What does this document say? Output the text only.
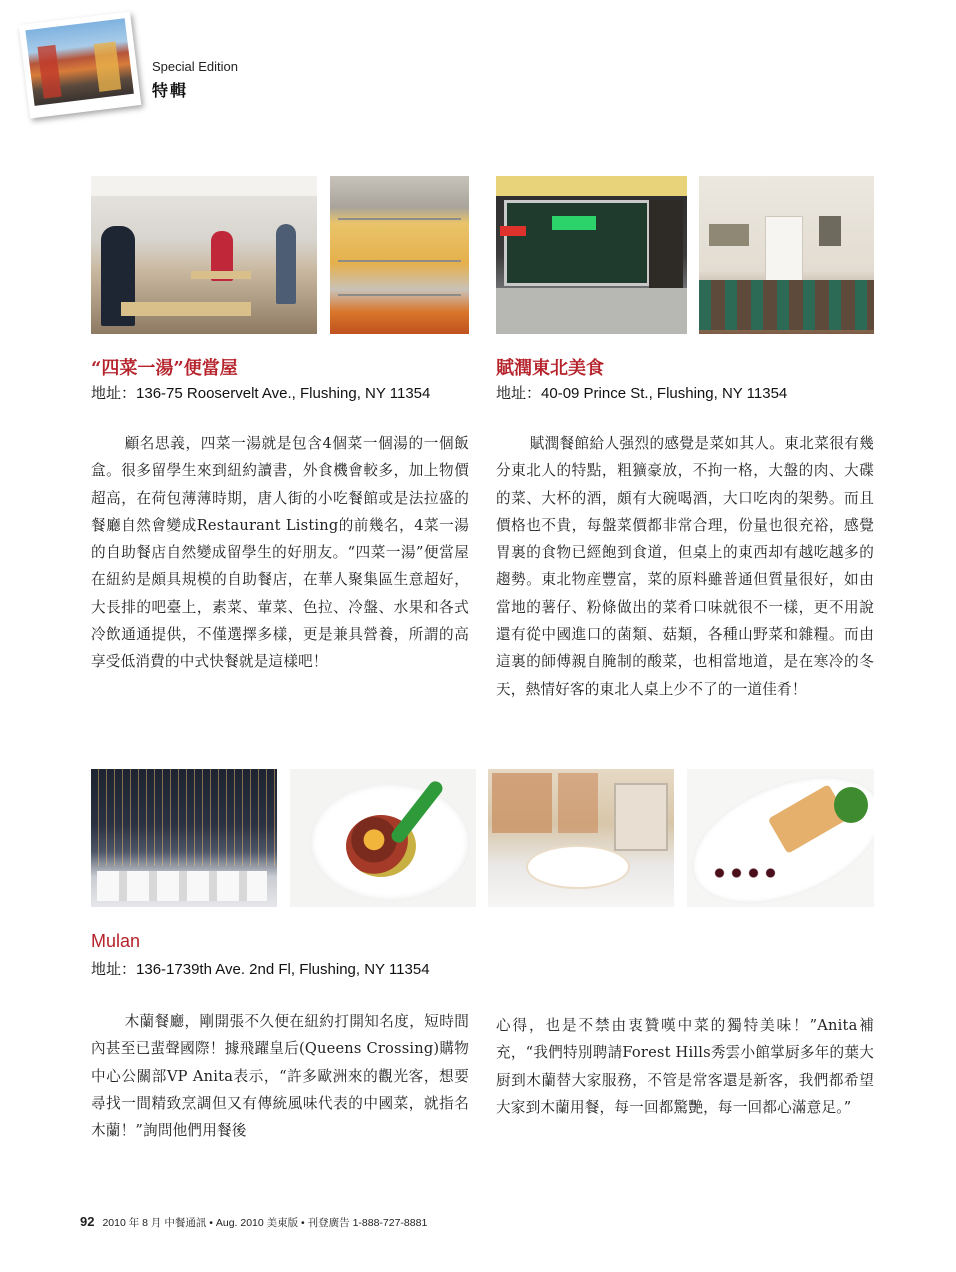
Special Edition
特輯
“四菜一湯”便當屋
地址：136-75 Rooservelt Ave., Flushing, NY 11354

顧名思義，四菜一湯就是包含4個菜一個湯的一個飯盒。很多留學生來到紐約讀書，外食機會較多，加上物價超高，在荷包薄薄時期，唐人街的小吃餐館或是法拉盛的餐廳自然會變成Restaurant Listing的前幾名，4菜一湯的自助餐店自然變成留學生的好朋友。“四菜一湯”便當屋在紐約是頗具規模的自助餐店，在華人聚集區生意超好，大長排的吧臺上，素菜、葷菜、色拉、冷盤、水果和各式冷飲通通提供，不僅選擇多樣，更是兼具營養，所謂的高享受低消費的中式快餐就是這樣吧！

賦潤東北美食
地址：40-09 Prince St., Flushing, NY 11354

賦潤餐館給人强烈的感覺是菜如其人。東北菜很有幾分東北人的特點，粗獷豪放，不拘一格，大盤的肉、大碟的菜、大杯的酒，頗有大碗喝酒，大口吃肉的架勢。而且價格也不貴，每盤菜價都非常合理，份量也很充裕，感覺胃裏的食物已經飽到食道，但桌上的東西却有越吃越多的趨勢。東北物産豐富，菜的原料雖普通但質量很好，如由當地的薯仔、粉條做出的菜肴口味就很不一樣，更不用說還有從中國進口的菌類、菇類，各種山野菜和雜糧。而由這裏的師傅親自腌制的酸菜，也相當地道，是在寒冷的冬天，熱情好客的東北人桌上少不了的一道佳肴！

Mulan
地址：136-1739th Ave. 2nd Fl, Flushing, NY 11354

木蘭餐廳，剛開張不久便在紐約打開知名度，短時間內甚至已蜚聲國際！據飛躍皇后(Queens Crossing)購物中心公關部VP Anita表示，“許多歐洲來的觀光客，想要尋找一間精致烹調但又有傳統風味代表的中國菜，就指名木蘭！”詢問他們用餐後

心得，也是不禁由衷贊嘆中菜的獨特美味！”Anita補充，“我們特別聘請Forest Hills秀雲小館掌厨多年的葉大厨到木蘭替大家服務，不管是常客還是新客，我們都希望大家到木蘭用餐，每一回都驚艷，每一回都心滿意足。”

92 2010 年 8 月 中餐通訊 • Aug. 2010 美東版 • 刊登廣告 1-888-727-8881
